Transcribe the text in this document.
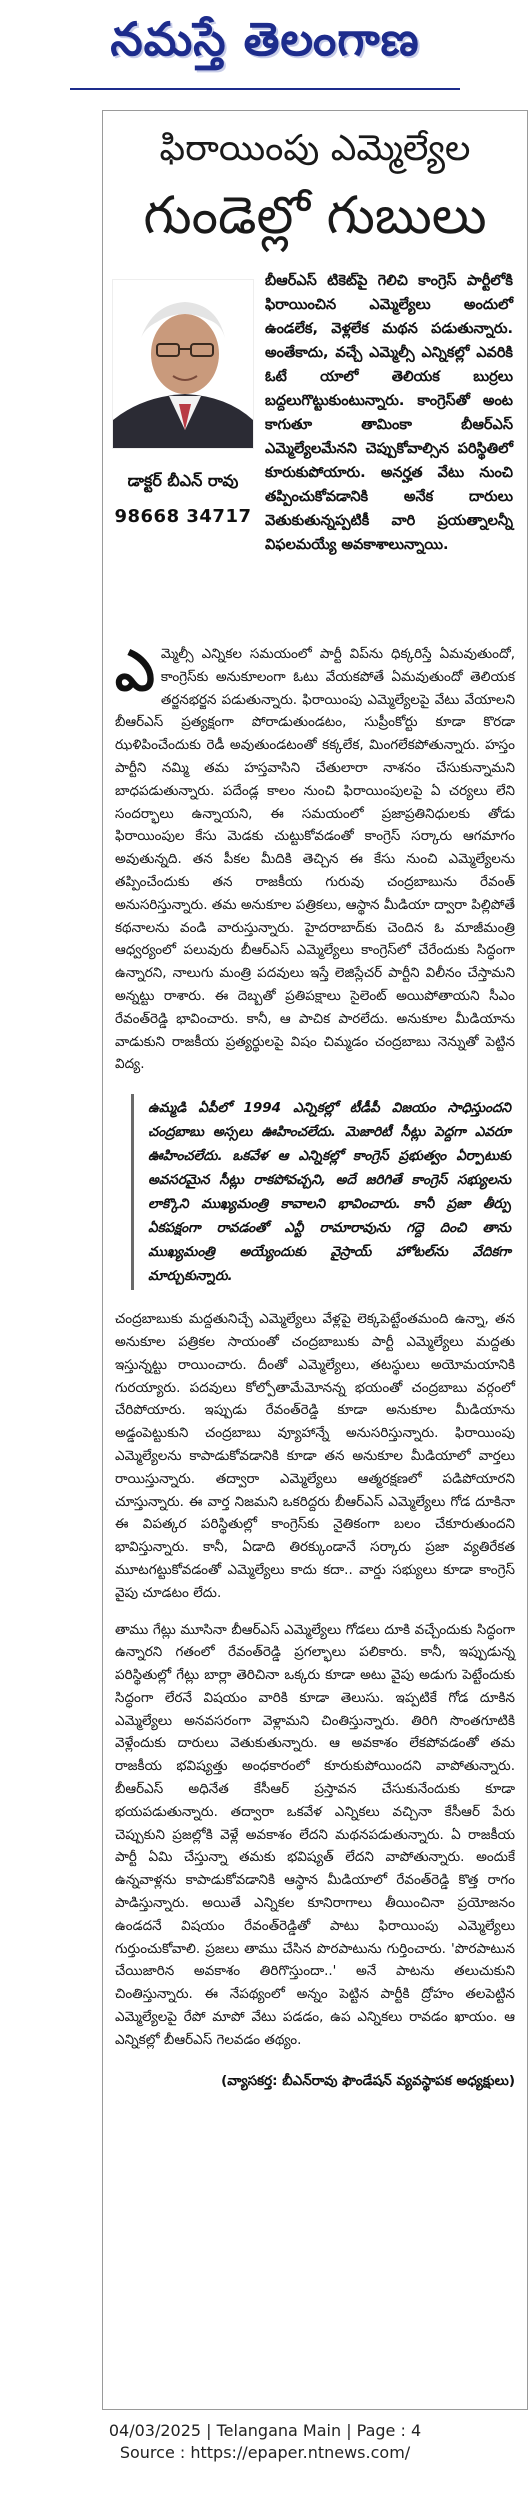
నమస్తే తెలంగాణ
ఫిరాయింపు ఎమ్మెల్యేల
గుండెల్లో గుబులు
డాక్టర్ బీఎన్ రావు
98668 34717
బీఆర్ఎస్ టికెట్‌పై గెలిచి కాంగ్రెస్ పార్టీలోకి ఫిరాయించిన ఎమ్మెల్యేలు అందులో ఉండలేక, వెళ్లలేక మథన పడుతున్నారు. అంతేకాదు, వచ్చే ఎమ్మెల్సీ ఎన్నికల్లో ఎవరికి ఓటే యాలో తెలియక బుర్రలు బద్దలుగొట్టుకుంటున్నారు. కాంగ్రెస్‌తో అంట కాగుతూ తామింకా బీఆర్ఎస్ ఎమ్మెల్యేలమేనని చెప్పుకోవాల్సిన పరిస్థితిలో కూరుకుపోయారు. అనర్హత వేటు నుంచి తప్పించుకోవడానికి అనేక దారులు వెతుకుతున్నప్పటికీ వారి ప్రయత్నాలన్నీ విఫలమయ్యే అవకాశాలున్నాయి.

ఎ మ్మెల్సీ ఎన్నికల సమయంలో పార్టీ విప్‌ను ధిక్కరిస్తే ఏమవుతుందో, కాంగ్రెస్‌కు అనుకూలంగా ఓటు వేయకపోతే ఏమవుతుందో తెలియక తర్జనభర్జన పడుతున్నారు. ఫిరాయింపు ఎమ్మెల్యేలపై వేటు వేయాలని బీఆర్ఎస్ ప్రత్యక్షంగా పోరాడుతుండటం, సుప్రీంకోర్టు కూడా కొరడా ఝళిపించేందుకు రెడీ అవుతుండటంతో కక్కలేక, మింగలేకపోతున్నారు. హస్తం పార్టీని నమ్మి తమ హస్తవాసిని చేతులారా నాశనం చేసుకున్నామని బాధపడుతున్నారు. పదేండ్ల కాలం నుంచి ఫిరాయింపులపై ఏ చర్యలు లేని సందర్భాలు ఉన్నాయని, ఈ సమయంలో ప్రజాప్రతినిధులకు తోడు ఫిరాయింపుల కేసు మెడకు చుట్టుకోవడంతో కాంగ్రెస్ సర్కారు ఆగమాగం అవుతున్నది. తన పీకల మీదికి తెచ్చిన ఈ కేసు నుంచి ఎమ్మెల్యేలను తప్పించేందుకు తన రాజకీయ గురువు చంద్రబాబును రేవంత్ అనుసరిస్తున్నారు. తమ అనుకూల పత్రికలు, ఆస్థాన మీడియా ద్వారా పిల్లిపోతే కథనాలను వండి వారుస్తున్నారు. హైదరాబాద్‌కు చెందిన ఓ మాజీమంత్రి ఆధ్వర్యంలో పలువురు బీఆర్ఎస్ ఎమ్మెల్యేలు కాంగ్రెస్‌లో చేరేందుకు సిద్ధంగా ఉన్నారని, నాలుగు మంత్రి పదవులు ఇస్తే లెజిస్లేచర్ పార్టీని విలీనం చేస్తామని అన్నట్టు రాశారు. ఈ దెబ్బతో ప్రతిపక్షాలు సైలెంట్ అయిపోతాయని సీఎం రేవంత్‌రెడ్డి భావించారు. కానీ, ఆ పాచిక పారలేదు. అనుకూల మీడియాను వాడుకుని రాజకీయ ప్రత్యర్థులపై విషం చిమ్మడం చంద్రబాబు నెన్నుతో పెట్టిన విద్య.

ఉమ్మడి ఏపీలో 1994 ఎన్నికల్లో టీడీపీ విజయం సాధిస్తుందని చంద్రబాబు అస్సలు ఊహించలేదు. మెజారిటీ సీట్లు పెద్దగా ఎవరూ ఊహించలేదు. ఒకవేళ ఆ ఎన్నికల్లో కాంగ్రెస్ ప్రభుత్వం ఏర్పాటుకు అవసరమైన సీట్లు రాకపోవచ్చని, అదే జరిగితే కాంగ్రెస్ సభ్యులను లాక్కొని ముఖ్యమంత్రి కావాలని భావించారు. కానీ ప్రజా తీర్పు ఏకపక్షంగా రావడంతో ఎన్టీ రామారావును గద్దె దించి తాను ముఖ్యమంత్రి అయ్యేందుకు వైస్రాయ్ హోటల్‌ను వేదికగా మార్చుకున్నారు.

చంద్రబాబుకు మద్దతునిచ్చే ఎమ్మెల్యేలు వేళ్లపై లెక్కపెట్టేంతమంది ఉన్నా, తన అనుకూల పత్రికల సాయంతో చంద్రబాబుకు పార్టీ ఎమ్మెల్యేలు మద్దతు ఇస్తున్నట్టు రాయించారు. దీంతో ఎమ్మెల్యేలు, తటస్థులు అయోమయానికి గురయ్యారు. పదవులు కోల్పోతామేమోనన్న భయంతో చంద్రబాబు వర్గంలో చేరిపోయారు. ఇప్పుడు రేవంత్‌రెడ్డి కూడా అనుకూల మీడియాను అడ్డంపెట్టుకుని చంద్రబాబు వ్యూహాన్నే అనుసరిస్తున్నారు. ఫిరాయింపు ఎమ్మెల్యేలను కాపాడుకోవడానికి కూడా తన అనుకూల మీడియాలో వార్తలు రాయిస్తున్నారు. తద్వారా ఎమ్మెల్యేలు ఆత్మరక్షణలో పడిపోయారని చూస్తున్నారు. ఈ వార్త నిజమని ఒకరిద్దరు బీఆర్ఎస్ ఎమ్మెల్యేలు గోడ దూకినా ఈ విపత్కర పరిస్థితుల్లో కాంగ్రెస్‌కు నైతికంగా బలం చేకూరుతుందని భావిస్తున్నారు. కానీ, ఏడాది తిరక్కుండానే సర్కారు ప్రజా వ్యతిరేకత మూటగట్టుకోవడంతో ఎమ్మెల్యేలు కాదు కదా.. వార్డు సభ్యులు కూడా కాంగ్రెస్ వైపు చూడటం లేదు.

తాము గేట్లు మూసినా బీఆర్ఎస్ ఎమ్మెల్యేలు గోడలు దూకి వచ్చేందుకు సిద్ధంగా ఉన్నారని గతంలో రేవంత్‌రెడ్డి ప్రగల్భాలు పలికారు. కానీ, ఇప్పుడున్న పరిస్థితుల్లో గేట్లు బార్లా తెరిచినా ఒక్కరు కూడా అటు వైపు అడుగు పెట్టేందుకు సిద్ధంగా లేరనే విషయం వారికి కూడా తెలుసు. ఇప్పటికే గోడ దూకిన ఎమ్మెల్యేలు అనవసరంగా వెళ్లామని చింతిస్తున్నారు. తిరిగి సొంతగూటికి వెళ్లేందుకు దారులు వెతుకుతున్నారు. ఆ అవకాశం లేకపోవడంతో తమ రాజకీయ భవిష్యత్తు అంధకారంలో కూరుకుపోయిందని వాపోతున్నారు. బీఆర్ఎస్ అధినేత కేసీఆర్ ప్రస్తావన చేసుకునేందుకు కూడా భయపడుతున్నారు. తద్వారా ఒకవేళ ఎన్నికలు వచ్చినా కేసీఆర్ పేరు చెప్పుకుని ప్రజల్లోకి వెళ్లే అవకాశం లేదని మథనపడుతున్నారు. ఏ రాజకీయ పార్టీ ఏమి చేస్తున్నా తమకు భవిష్యత్ లేదని వాపోతున్నారు. అందుకే ఉన్నవాళ్లను కాపాడుకోవడానికి ఆస్థాన మీడియాలో రేవంత్‌రెడ్డి కొత్త రాగం పాడిస్తున్నారు. అయితే ఎన్నికల కూనిరాగాలు తీయించినా ప్రయోజనం ఉండదనే విషయం రేవంత్‌రెడ్డితో పాటు ఫిరాయింపు ఎమ్మెల్యేలు గుర్తుంచుకోవాలి. ప్రజలు తాము చేసిన పొరపాటును గుర్తించారు. 'పొరపాటున చేయిజారిన అవకాశం తిరిగొస్తుందా..' అనే పాటను తలుచుకుని చింతిస్తున్నారు. ఈ నేపథ్యంలో అన్నం పెట్టిన పార్టీకి ద్రోహం తలపెట్టిన ఎమ్మెల్యేలపై రేపో మాపో వేటు పడడం, ఉప ఎన్నికలు రావడం ఖాయం. ఆ ఎన్నికల్లో బీఆర్ఎస్ గెలవడం తథ్యం.

(వ్యాసకర్త: బీఎన్‌రావు ఫౌండేషన్ వ్యవస్థాపక అధ్యక్షులు)
04/03/2025 | Telangana Main | Page : 4
Source : https://epaper.ntnews.com/
